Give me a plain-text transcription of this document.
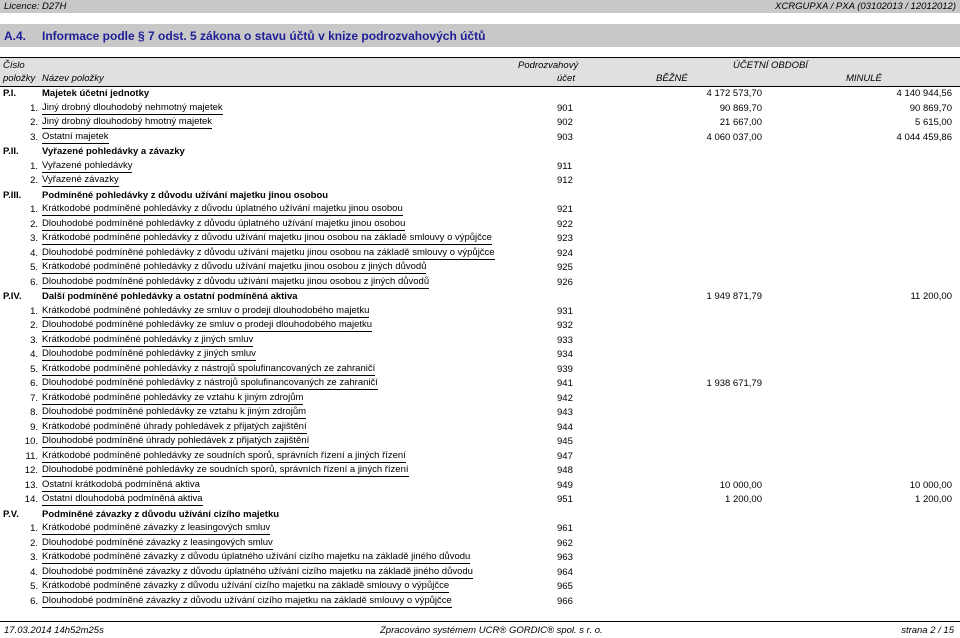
Licence: D27H	XCRGUPXA / PXA (03102013 / 12012012)
A.4. Informace podle § 7 odst. 5 zákona o stavu účtů v knize podrozvahových účtů
Číslo
položky Název položky
Podrozvahový
účet
ÚČETNÍ OBDOBÍ
BĚŽNÉ	MINULÉ
P.I.	Majetek účetní jednotky	4 172 573,70	4 140 944,56
1. Jiný drobný dlouhodobý nehmotný majetek	901	90 869,70	90 869,70
2. Jiný drobný dlouhodobý hmotný majetek	902	21 667,00	5 615,00
3. Ostatní majetek	903	4 060 037,00	4 044 459,86
P.II. Vyřazené pohledávky a závazky
1. Vyřazené pohledávky	911
2. Vyřazené závazky	912
P.III. Podmíněné pohledávky z důvodu užívání majetku jinou osobou
1. Krátkodobé podmíněné pohledávky z důvodu úplatného užívání majetku jinou osobou	921
2. Dlouhodobé podmíněné pohledávky z důvodu úplatného užívání majetku jinou osobou	922
3. Krátkodobé podmíněné pohledávky z důvodu užívání majetku jinou osobou na základě smlouvy o výpůjčce	923
4. Dlouhodobé podmíněné pohledávky z důvodu užívání majetku jinou osobou na základě smlouvy o výpůjčce	924
5. Krátkodobé podmíněné pohledávky z důvodu užívání majetku jinou osobou z jiných důvodů	925
6. Dlouhodobé podmíněné pohledávky z důvodu užívání majetku jinou osobou z jiných důvodů	926
P.IV. Další podmíněné pohledávky a ostatní podmíněná aktiva	1 949 871,79	11 200,00
1. Krátkodobé podmíněné pohledávky ze smluv o prodeji dlouhodobého majetku	931
2. Dlouhodobé podmíněné pohledávky ze smluv o prodeji dlouhodobého majetku	932
3. Krátkodobé podmíněné pohledávky z jiných smluv	933
4. Dlouhodobé podmíněné pohledávky z jiných smluv	934
5. Krátkodobé podmíněné pohledávky z nástrojů spolufinancovaných ze zahraničí	939
6. Dlouhodobé podmíněné pohledávky z nástrojů spolufinancovaných ze zahraničí	941	1 938 671,79
7. Krátkodobé podmíněné pohledávky ze vztahu k jiným zdrojům	942
8. Dlouhodobé podmíněné pohledávky ze vztahu k jiným zdrojům	943
9. Krátkodobé podmíněné úhrady pohledávek z přijatých zajištění	944
10. Dlouhodobé podmíněné úhrady pohledávek z přijatých zajištění	945
11. Krátkodobé podmíněné pohledávky ze soudních sporů, správních řízení a jiných řízení	947
12. Dlouhodobé podmíněné pohledávky ze soudních sporů, správních řízení a jiných řízení	948
13. Ostatní krátkodobá podmíněná aktiva	949	10 000,00	10 000,00
14. Ostatní dlouhodobá podmíněná aktiva	951	1 200,00	1 200,00
P.V. Podmíněné závazky z důvodu užívání cizího majetku
1. Krátkodobé podmíněné závazky z leasingových smluv	961
2. Dlouhodobé podmíněné závazky z leasingových smluv	962
3. Krátkodobé podmíněné závazky z důvodu úplatného užívání cizího majetku na základě jiného důvodu	963
4. Dlouhodobé podmíněné závazky z důvodu úplatného užívání cizího majetku na základě jiného důvodu	964
5. Krátkodobé podmíněné závazky z důvodu užívání cizího majetku na základě smlouvy o výpůjčce	965
6. Dlouhodobé podmíněné závazky z důvodu užívání cizího majetku na základě smlouvy o výpůjčce	966
17.03.2014 14h52m25s	Zpracováno systémem UCR® GORDIC® spol. s r. o.	strana 2 / 15
